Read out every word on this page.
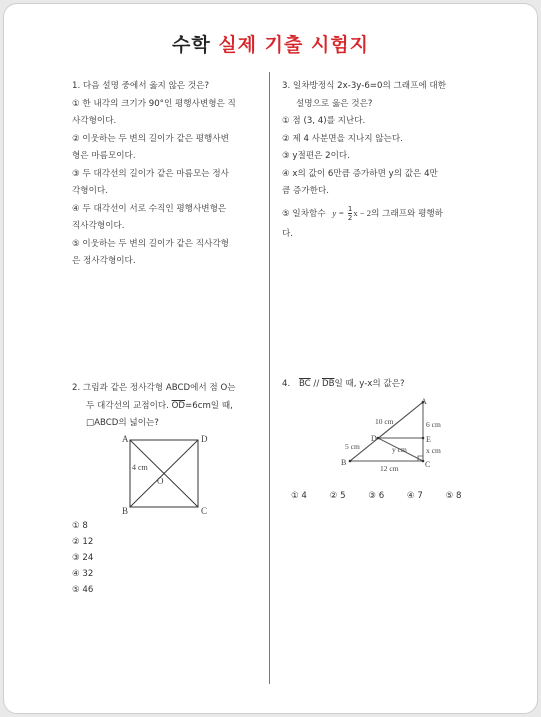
수학 실제 기출 시험지
1. 다음 설명 중에서 옳지 않은 것은?
① 한 내각의 크기가 90°인 평행사변형은 직
사각형이다.
② 이웃하는 두 변의 길이가 같은 평행사변
형은 마름모이다.
③ 두 대각선의 길이가 같은 마름모는 정사
각형이다.
④ 두 대각선이 서로 수직인 평행사변형은
직사각형이다.
⑤ 이웃하는 두 변의 길이가 같은 직사각형
은 정사각형이다.
2. 그림과 같은 정사각형 ABCD에서 점 O는
두 대각선의 교점이다. $\overline{OD}=6cm$일 때,
□ABCD의 넓이는?
A	D
B	C
O
4 cm
① 8
② 12
③ 24
④ 32
⑤ 46
3. 일차방정식 2x-3y-6=0의 그래프에 대한
설명으로 옳은 것은?
① 점 (3, 4)를 지난다.
② 제 4 사분면을 지나지 않는다.
③ y절편은 2이다.
④ x의 값이 6만큼 증가하면 y의 값은 4만
큼 증가한다.
⑤ 일차함수 $y = \frac{1}{2}$ x − 2의 그래프와 평행하
다.
4. $\overline{BC} // \overline{DB}$일 때, y-x의 값은?
A
B	C
D	E
10 cm	6 cm
5 cm	y cm	x cm
12 cm
① 4	② 5	③ 6	④ 7	⑤ 8
